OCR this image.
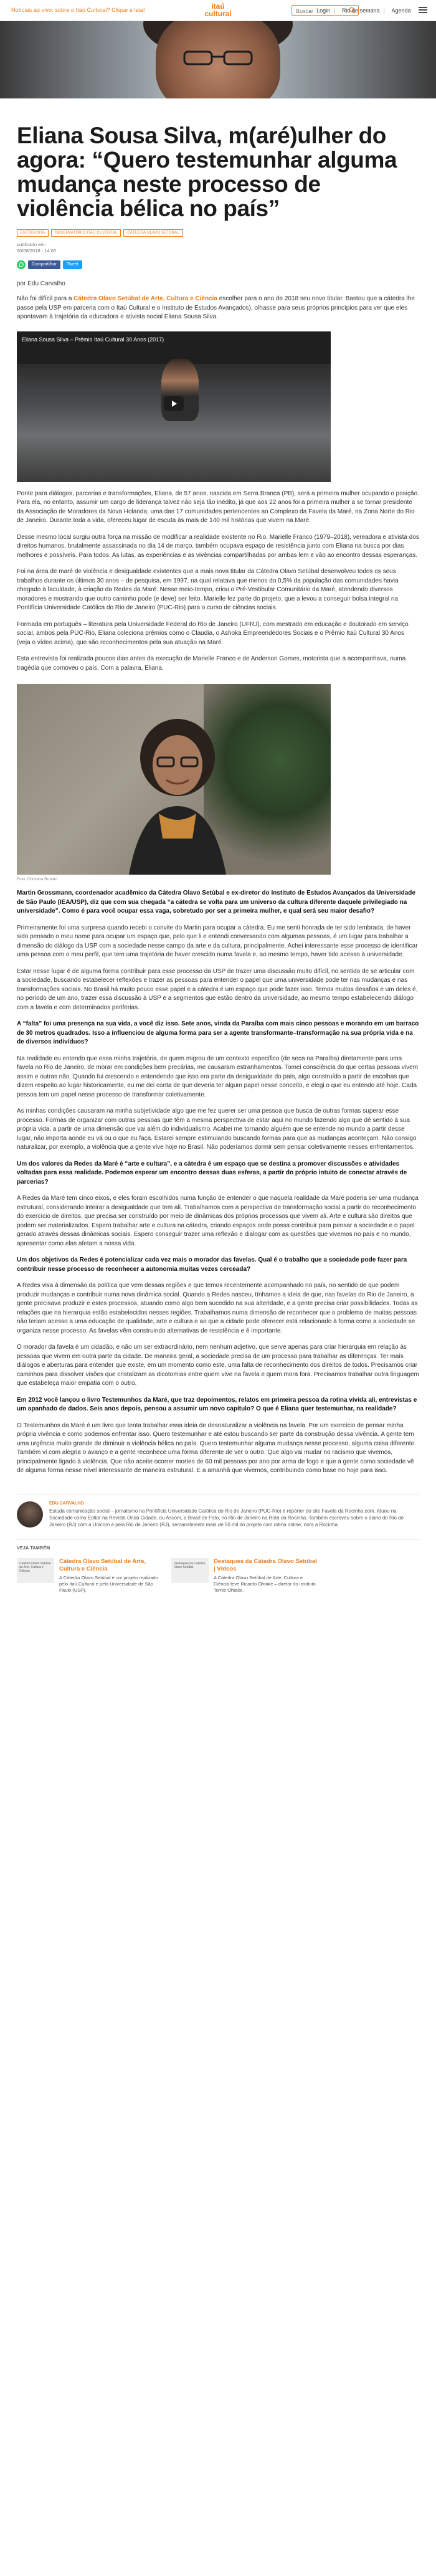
Notícias ao vivo: sobre o Itaú Cultural? Clique e leia!	itaú
cultural
Buscar	Login | Rio de semana | Agenda
Eliana Sousa Silva, m(aré)ulher do agora: “Quero testemunhar alguma mudança neste processo de violência bélica no país”
ENTREVISTA	OBSERVATÓRIO ITAÚ CULTURAL	CÁTEDRA OLAVO SETÚBAL
publicado em:
30/08/2018 - 14:06
Compartilhar	Tweet
por Edu Carvalho

Não foi difícil para a Cátedra Olavo Setúbal de Arte, Cultura e Ciência escolher para o ano de 2018 seu novo titular. Bastou que a cátedra lhe passe pela USP em parceria com o Itaú Cultural e o Instituto de Estudos Avançados), olhasse para seus próprios princípios para ver que eles apontavam à trajetória da educadora e ativista social Eliana Sousa Silva.

Eliana Sousa Silva – Prêmio Itaú Cultural 30 Anos (2017)

Ponte para diálogos, parcerias e transformações, Eliana, de 57 anos, nascida em Serra Branca (PB), será a primeira mulher ocupando o posição. Para ela, no entanto, assumir um cargo de liderança talvez não seja tão inédito, já que aos 22 anos foi a primeira mulher a se tornar presidente da Associação de Moradores da Nova Holanda, uma das 17 comunidades pertencentes ao Complexo da Favela da Maré, na Zona Norte do Rio de Janeiro. Durante toda a vida, ofereceu lugar de escuta às mais de 140 mil histórias que vivem na Maré.

Desse mesmo local surgiu outra força na missão de modificar a realidade existente no Rio. Marielle Franco (1979–2018), vereadora e ativista dos direitos humanos, brutalmente assassinada no dia 14 de março, também ocupava espaço de resistência junto com Eliana na busca por dias melhores e possíveis. Para todos. As lutas, as experiências e as vivências compartilhadas por ambas lem e vão ao encontro dessas esperanças.

Foi na área de maré de violência e desigualdade existentes que a mais nova titular da Cátedra Olavo Setúbal desenvolveu todos os seus trabalhos durante os últimos 30 anos – de pesquisa, em 1997, na qual relatava que menos do 0,5% da população das comunidades havia chegado à faculdade, à criação da Redes da Maré. Nesse meio-tempo, criou o Pré-Vestibular Comunitário da Maré, atendendo diversos moradores e mostrando que outro caminho pode (e deve) ser feito. Marielle fez parte do projeto, que a levou a conseguir bolsa integral na Pontifícia Universidade Católica do Rio de Janeiro (PUC-Rio) para o curso de ciências sociais.

Formada em português – literatura pela Universidade Federal do Rio de Janeiro (UFRJ), com mestrado em educação e doutorado em serviço social, ambos pela PUC-Rio, Eliana coleciona prêmios como o Claudia, o Ashoka Empreendedores Sociais e o Prêmio Itaú Cultural 30 Anos (veja o vídeo acima), que são reconhecimentos pela sua atuação na Maré.

Esta entrevista foi realizada poucos dias antes da execução de Marielle Franco e de Anderson Gomes, motorista que a acompanhava, numa tragédia que comoveu o país. Com a palavra, Eliana.

Foto: Christina Rufatto

Martin Grossmann, coordenador acadêmico da Cátedra Olavo Setúbal e ex-diretor do Instituto de Estudos Avançados da Universidade de São Paulo (IEA/USP), diz que com sua chegada “a cátedra se volta para um universo da cultura diferente daquele privilegiado na universidade”. Como é para você ocupar essa vaga, sobretudo por ser a primeira mulher, e qual será seu maior desafio?

Primeiramente foi uma surpresa quando recebi o convite do Martin para ocupar a cátedra. Eu me senti honrada de ter sido lembrada, de haver sido pensado o meu nome para ocupar um espaço que, pelo que li e entendi conversando com algumas pessoas, é um lugar para trabalhar a dimensão do diálogo da USP com a sociedade nesse campo da arte e da cultura, principalmente. Achei interessante esse processo de identificar uma pessoa com o meu perfil, que tem uma trajetória de haver crescido numa favela e, ao mesmo tempo, haver tido acesso à universidade.

Estar nesse lugar é de alguma forma contribuir para esse processo da USP de trazer uma discussão muito difícil, no sentido de se articular com a sociedade, buscando estabelecer reflexões e trazer as pessoas para entender o papel que uma universidade pode ter nas mudanças e nas transformações sociais. No Brasil há muito pouco esse papel e a cátedra é um espaço que pode fazer isso. Temos muitos desafios e um deles é, no período de um ano, trazer essa discussão à USP e a segmentos que estão dentro da universidade, ao mesmo tempo estabelecendo diálogo com a favela e com determinados periferias.

A “falta” foi uma presença na sua vida, a você diz isso. Sete anos, vinda da Paraíba com mais cinco pessoas e morando em um barraco de 30 metros quadrados. Isso a influenciou de alguma forma para ser a agente transformante–transformação na sua própria vida e na de diversos indivíduos?

Na realidade eu entendo que essa minha trajetória, de quem migrou de um contexto específico (de seca na Paraíba) diretamente para uma favela no Rio de Janeiro, de morar em condições bem precárias, me causaram estranhamentos. Tomei consciência do que certas pessoas vivem assim e outras não. Quando fui crescendo e entendendo que isso era parte da desigualdade do país, algo construído a partir de escolhas que dizem respeito ao lugar historicamente, eu me dei conta de que deveria ter algum papel nesse conceito, e elegi o que eu entendo até hoje. Cada pessoa tem um papel nesse processo de transformar coletivamente.

As minhas condições causaram na minha subjetividade algo que me fez querer ser uma pessoa que busca de outras formas superar esse processo. Formas de organizar com outras pessoas que têm a mesma perspectiva de estar aqui no mundo fazendo algo que dê sentido à sua própria vida, a partir de uma dimensão que vai além do individualismo. Acabei me tornando alguém que se entende no mundo a partir desse lugar, não importa aonde eu vá ou o que eu faça. Estarei sempre estimulando buscando formas para que as mudanças aconteçam. Não consigo naturalizar, por exemplo, a violência que a gente vive hoje no Brasil. Não poderíamos dormir sem pensar coletivamente nesses enfrentamentos.

Um dos valores da Redes da Maré é “arte e cultura”, e a cátedra é um espaço que se destina a promover discussões e atividades voltadas para essa realidade. Podemos esperar um encontro dessas duas esferas, a partir do próprio intuito de conectar através de parcerias?

A Redes da Maré tem cinco eixos, e eles foram escolhidos numa função de entender o que naquela realidade da Maré poderia ser uma mudança estrutural, considerando inteirar a desigualdade que tem ali. Trabalhamos com a perspectiva de transformação social a partir do reconhecimento do exercício de direitos, que precisa ser construído por meio de dinâmicas dos próprios processos que vivem ali. Arte e cultura são direitos que podem ser materializados. Espero trabalhar arte e cultura na cátedra, criando espaços onde possa contribuir para pensar a sociedade e o papel gerado através dessas dinâmicas sociais. Espero conseguir trazer uma reflexão e dialogar com as questões que vivemos no país e no mundo, apresentar como elas afetam a nossa vida.

Um dos objetivos da Redes é potencializar cada vez mais o morador das favelas. Qual é o trabalho que a sociedade pode fazer para contribuir nesse processo de reconhecer a autonomia muitas vezes cerceada?

A Redes visa à dimensão da política que vem dessas regiões e que temos recentemente acompanhado no país, no sentido de que podem produzir mudanças e contribuir numa nova dinâmica social. Quando a Redes nasceu, tínhamos a ideia de que, nas favelas do Rio de Janeiro, a gente precisava produzir e estes processos, atuando como algo bem sucedido na sua alteridade, e a gente precisa criar possibilidades. Todas as relações que na hierarquia estão estabelecidos nesses regiões. Trabalhamos numa dimensão de reconhecer que o problema de muitas pessoas não teriam acesso a uma educação de qualidade, arte e cultura e ao que a cidade pode oferecer está relacionado à forma como a sociedade se organiza nesse processo. As favelas vêm construindo alternativas de resistência e é importante.

O morador da favela é um cidadão, e não um ser extraordinário, nem nenhum adjetivo, que serve apenas para criar hierarquia em relação às pessoas que vivem em outra parte da cidade. De maneira geral, a sociedade precisa de um processo para trabalhar as diferenças. Ter mais diálogos e aberturas para entender que existe, em um momento como este, uma falta de reconhecimento dos direitos de todos. Precisamos criar caminhos para dissolver visões que cristalizam as dicotomias entre quem vive na favela e quem mora fora. Precisamos trabalhar outra linguagem que estabeleça maior empatia com o outro.

Em 2012 você lançou o livro Testemunhos da Maré, que traz depoimentos, relatos em primeira pessoa da rotina vivida ali, entrevistas e um apanhado de dados. Seis anos depois, pensou a assumir um novo capítulo? O que é Eliana quer testemunhar, na realidade?

O Testemunhos da Maré é um livro que tenta trabalhar essa ideia de desnaturalizar a violência na favela. Por um exercício de pensar minha própria vivência e como podemos enfrentar isso. Quero testemunhar e até estou buscando ser parte da construção dessa vivência. A gente tem uma urgência muito grande de diminuir a violência bélica no país. Quero testemunhar alguma mudança nesse processo, alguma coisa diferente. Também vi com alegria o avanço e a gente reconhece uma forma diferente de ver o outro. Que algo vai mudar no racismo que vivemos, principalmente ligado à violência. Que não aceite ocorrer mortes de 60 mil pessoas por ano por arma de fogo e que a gente como sociedade vê de alguma forma nesse nível interessante de maneira estrutural. E a amanhã que vivemos, contribuindo como base no hoje para isso.

EDU CARVALHO
Estuda comunicação social – jornalismo na Pontifícia Universidade Católica do Rio de Janeiro (PUC-Rio) é repórter do site Favela da Rocinha.com. Atuou na Sociedade como Editor na Revista Onda Cidade, ou Ascom, a Brasil de Fato, no Rio de Janeiro na Rota da Rocinha. Também escreveu sobre o diário do Rio de Janeiro (RJ) com a Unicorn e pela Rio de Janeiro (RJ), semanalmente mais de 50 mil do projeto com rotina online, nora a Rocinha.
VEJA TAMBÉM
Cátedra Olavo Setúbal de Arte, Cultura e Ciência
Cátedra Olavo Setúbal de Arte, Cultura e Ciência
A Cátedra Olavo Setúbal é um projeto realizado pelo Itaú Cultural e pela Universidade de São Paulo (USP).
Destaques da Cátedra Olavo Setúbal
Destaques da Cátedra Olavo Setúbal | Vídeos
A Cátedra Olavo Setúbal de Arte, Cultura e Ciência teve Ricardo Ohtake – diretor do Instituto Tomie Ohtake.
